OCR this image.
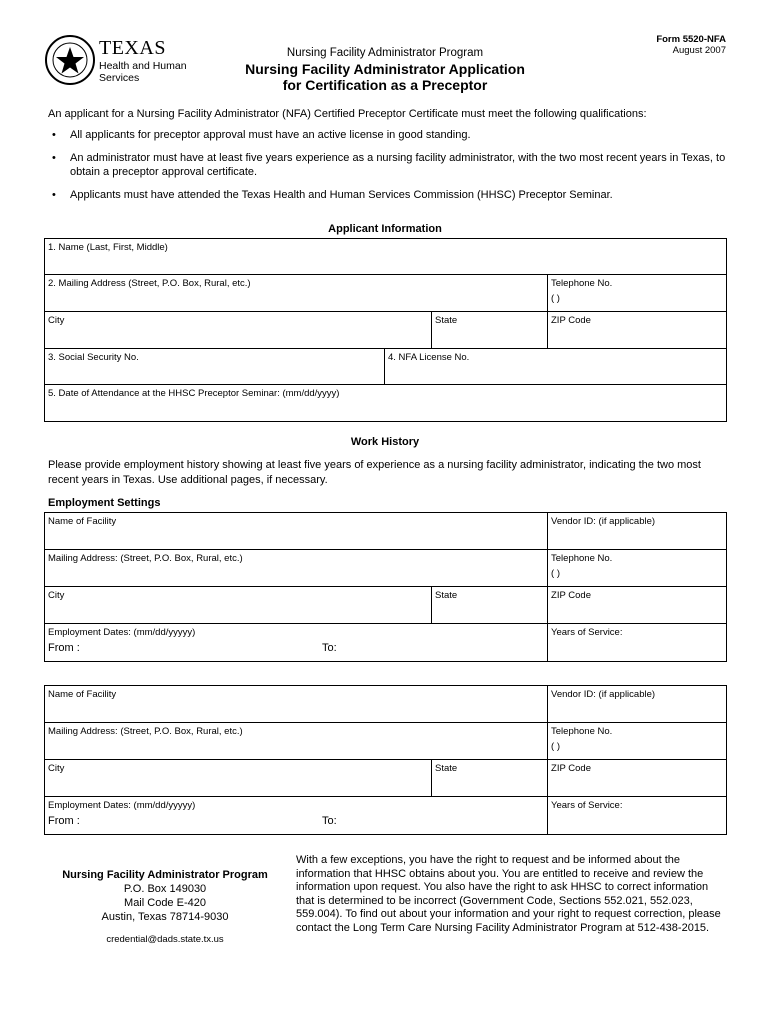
TEXAS
Health and Human
Services
Form 5520-NFA
August 2007
Nursing Facility Administrator Program
Nursing Facility Administrator Application
for Certification as a Preceptor
An applicant for a Nursing Facility Administrator (NFA) Certified Preceptor Certificate must meet the following qualifications:
• All applicants for preceptor approval must have an active license in good standing.
• An administrator must have at least five years experience as a nursing facility administrator, with the two most recent years in Texas, to obtain a preceptor approval certificate.
• Applicants must have attended the Texas Health and Human Services Commission (HHSC) Preceptor Seminar.
Applicant Information
1. Name (Last, First, Middle)			
2. Mailing Address (Street, P.O. Box, Rural, etc.)			Telephone No.
( )

City		State	ZIP Code
3. Social Security No.	4. NFA License No.		
5. Date of Attendance at the HHSC Preceptor Seminar: (mm/dd/yyyy)			
Work History
Please provide employment history showing at least five years of experience as a nursing facility administrator, indicating the two most recent years in Texas. Use additional pages, if necessary.
Employment Settings
Name of Facility		Vendor ID: (if applicable)
Mailing Address: (Street, P.O. Box, Rural, etc.)		Telephone No.
( )

City	State	ZIP Code

Employment Dates: (mm/dd/yyyyy)
From : To:		Years of Service:
Name of Facility		Vendor ID: (if applicable)
Mailing Address: (Street, P.O. Box, Rural, etc.)		Telephone No.
( )

City	State	ZIP Code

Employment Dates: (mm/dd/yyyyy)
From : To:		Years of Service:
Nursing Facility Administrator Program
P.O. Box 149030
Mail Code E-420
Austin, Texas 78714-9030
credential@dads.state.tx.us
With a few exceptions, you have the right to request and be informed about the information that HHSC obtains about you. You are entitled to receive and review the information upon request. You also have the right to ask HHSC to correct information that is determined to be incorrect (Government Code, Sections 552.021, 552.023, 559.004). To find out about your information and your right to request correction, please contact the Long Term Care Nursing Facility Administrator Program at 512-438-2015.
